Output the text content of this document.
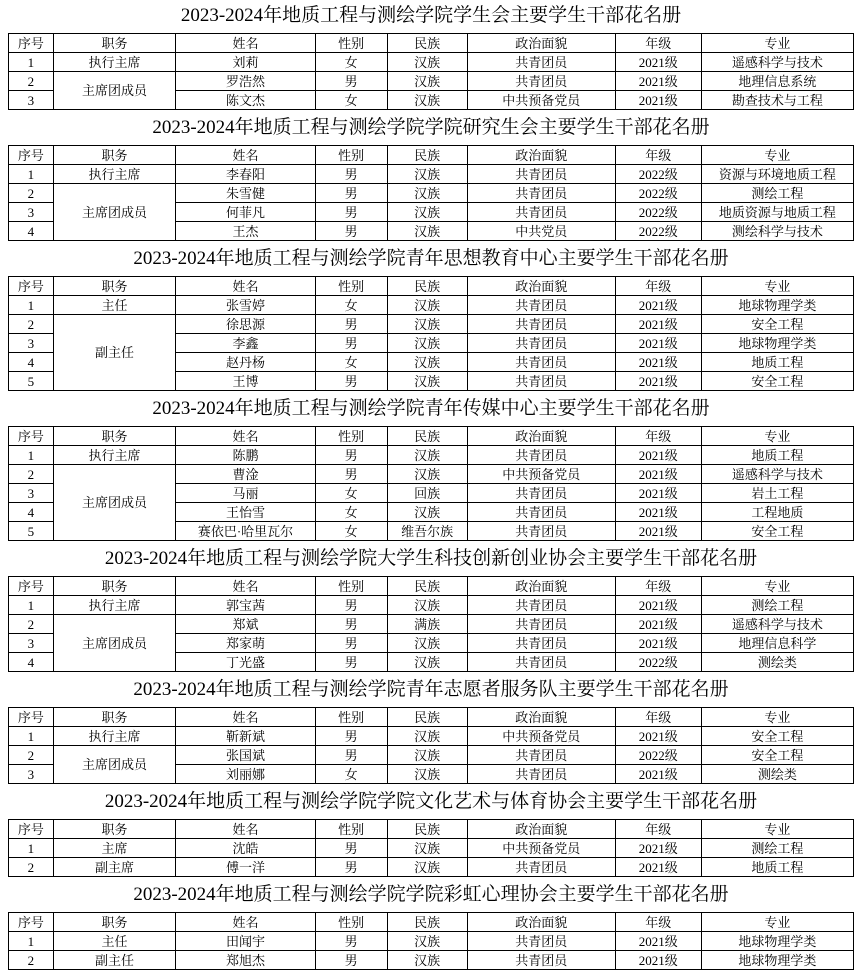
2023-2024年地质工程与测绘学院学生会主要学生干部花名册
序号	职务	姓名	性别	民族	政治面貌	年级	专业
1	执行主席	刘莉	女	汉族	共青团员	2021级	遥感科学与技术
2	主席团成员	罗浩然	男	汉族	共青团员	2021级	地理信息系统
3		陈文杰	女	汉族	中共预备党员	2021级	勘查技术与工程
2023-2024年地质工程与测绘学院学院研究生会主要学生干部花名册
序号	职务	姓名	性别	民族	政治面貌	年级	专业
1	执行主席	李春阳	男	汉族	共青团员	2022级	资源与环境地质工程
2	主席团成员	朱雪健	男	汉族	共青团员	2022级	测绘工程
3		何菲凡	男	汉族	共青团员	2022级	地质资源与地质工程
4		王杰	男	汉族	中共党员	2022级	测绘科学与技术
2023-2024年地质工程与测绘学院青年思想教育中心主要学生干部花名册
序号	职务	姓名	性别	民族	政治面貌	年级	专业
1	主任	张雪婷	女	汉族	共青团员	2021级	地球物理学类
2	副主任	徐思源	男	汉族	共青团员	2021级	安全工程
3		李鑫	男	汉族	共青团员	2021级	地球物理学类
4		赵丹杨	女	汉族	共青团员	2021级	地质工程
5		王博	男	汉族	共青团员	2021级	安全工程
2023-2024年地质工程与测绘学院青年传媒中心主要学生干部花名册
序号	职务	姓名	性别	民族	政治面貌	年级	专业
1	执行主席	陈鹏	男	汉族	共青团员	2021级	地质工程
2	主席团成员	曹淦	男	汉族	中共预备党员	2021级	遥感科学与技术
3		马丽	女	回族	共青团员	2021级	岩土工程
4		王怡雪	女	汉族	共青团员	2021级	工程地质
5		赛依巴·哈里瓦尔	女	维吾尔族	共青团员	2021级	安全工程
2023-2024年地质工程与测绘学院大学生科技创新创业协会主要学生干部花名册
序号	职务	姓名	性别	民族	政治面貌	年级	专业
1	执行主席	郭宝茜	男	汉族	共青团员	2021级	测绘工程
2	主席团成员	郑斌	男	满族	共青团员	2021级	遥感科学与技术
3		郑家萌	男	汉族	共青团员	2021级	地理信息科学
4		丁光盛	男	汉族	共青团员	2022级	测绘类
2023-2024年地质工程与测绘学院青年志愿者服务队主要学生干部花名册
序号	职务	姓名	性别	民族	政治面貌	年级	专业
1	执行主席	靳新斌	男	汉族	中共预备党员	2021级	安全工程
2	主席团成员	张国斌	男	汉族	共青团员	2022级	安全工程
3		刘丽娜	女	汉族	共青团员	2021级	测绘类
2023-2024年地质工程与测绘学院学院文化艺术与体育协会主要学生干部花名册
序号	职务	姓名	性别	民族	政治面貌	年级	专业
1	主席	沈皓	男	汉族	中共预备党员	2021级	测绘工程
2	副主席	傅一洋	男	汉族	共青团员	2021级	地质工程
2023-2024年地质工程与测绘学院学院彩虹心理协会主要学生干部花名册
序号	职务	姓名	性别	民族	政治面貌	年级	专业
1	主任	田闻宇	男	汉族	共青团员	2021级	地球物理学类
2	副主任	郑旭杰	男	汉族	共青团员	2021级	地球物理学类
